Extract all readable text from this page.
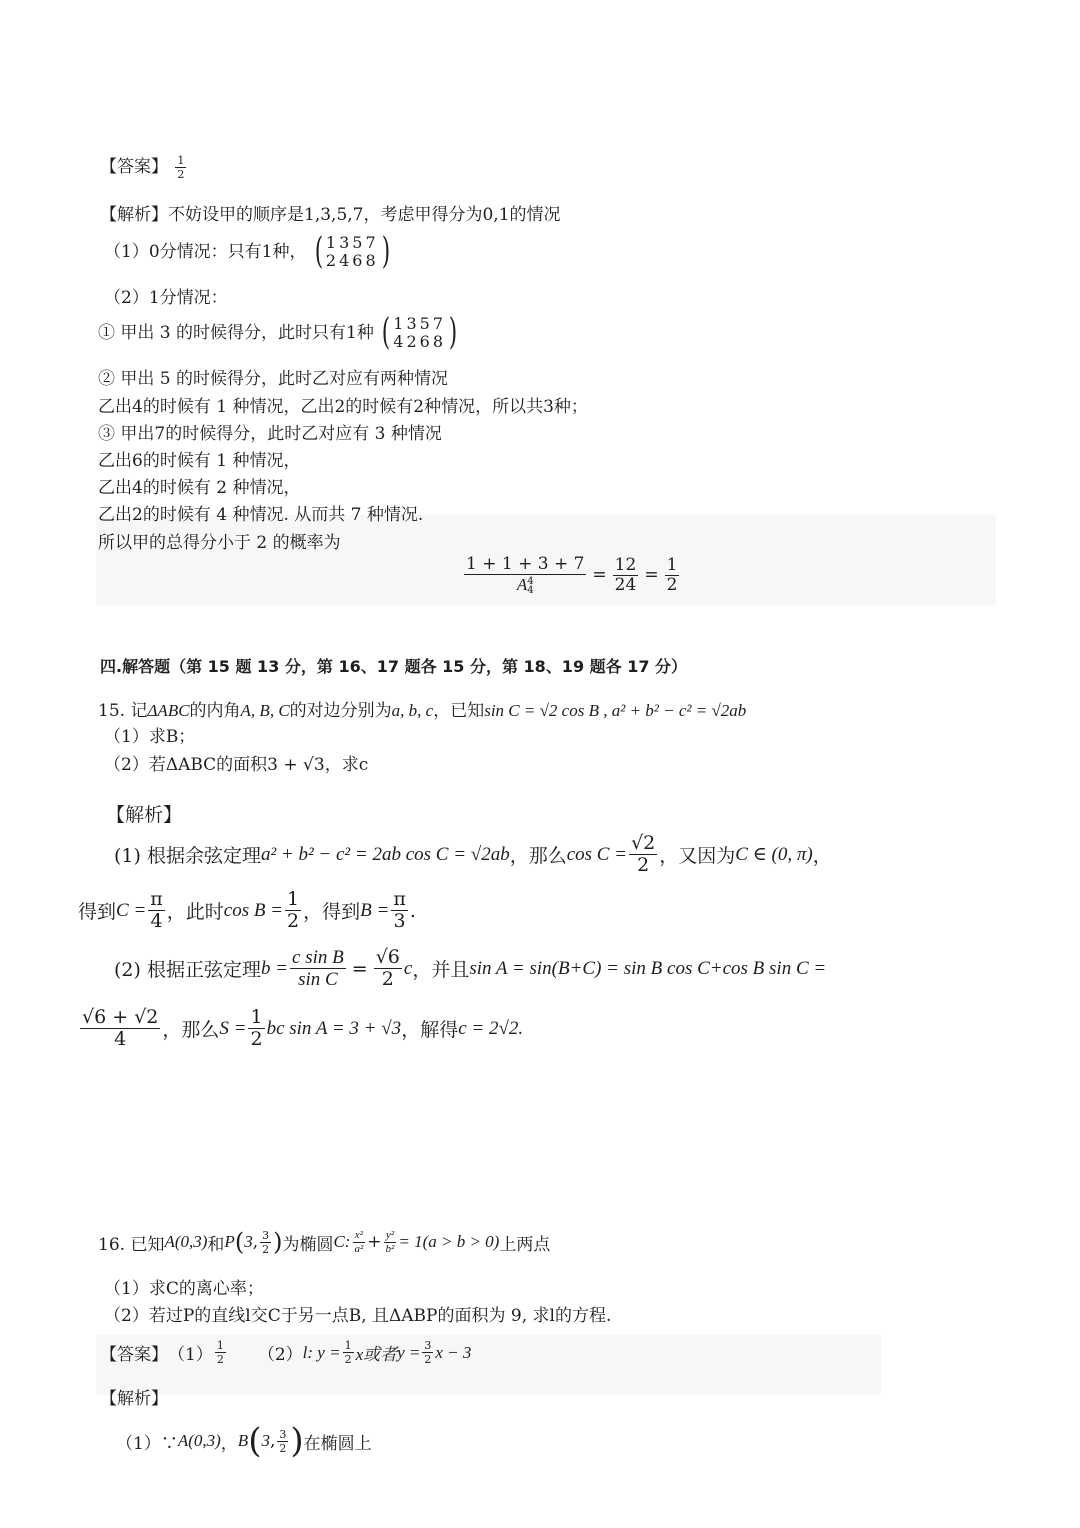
【答案】 $\frac{1}{2}$
【解析】不妨设甲的顺序是1,3,5,7，考虑甲得分为0,1的情况
（1）0分情况：只有1种， ( 1357
2468 )
（2）1分情况：
① 甲出 3 的时候得分，此时只有1种 ( 1357
4268 )
② 甲出 5 的时候得分，此时乙对应有两种情况
乙出4的时候有 1 种情况，乙出2的时候有2种情况，所以共3种；
③ 甲出7的时候得分，此时乙对应有 3 种情况
乙出6的时候有 1 种情况，
乙出4的时候有 2 种情况，
乙出2的时候有 4 种情况. 从而共 7 种情况.
所以甲的总得分小于 2 的概率为
1 + 1 + 3 + 7
A 4
$4 = \frac{12}{24} = \frac{1}{2}$
四.解答题（第 15 题 13 分，第 16、17 题各 15 分，第 18、19 题各 17 分）
15. 记ΔABC的内角A, B, C的对边分别为a, b, c，已知sin C = √2 cos B , a² + b² − c² = √2ab
（1）求B；
（2）若ΔABC的面积3 + √3，求c
【解析】
(1) 根据余弦定理 a² + b² − c² = 2ab cos C = √2ab ，那么 $\cos C = \frac{√2}{2}$ ，又因为 C ∈ (0, π) ，
得到 $C = \frac{\pi}{4}$ ，此时 $\cos B = \frac{1}{2}$ ，得到 $B = \frac{\pi}{3}$ .
(2) 根据正弦定理 $b = \frac{\text{c sin B}}{\text{sin C}} = \frac{√6}{2}$ c ，并且 sin A = sin(B+C) = sin B cos C+cos B sin C =
$\frac{√6 + √2}{4}$ ，那么 $S = \frac{1}{2}$ bc sin A = 3 + √3 ，解得 c = 2√2.
16. 已知 A(0,3) 和 P ( 3 , $\frac{3}{2}$ ) 为椭圆 C: $\frac{\text{x²}}{\text{a²}} + \frac{\text{y²}}{\text{b²}} = 1(a > b > 0)$ 上两点
（1）求C的离心率；
（2）若过P的直线l交C于另一点B, 且ΔABP的面积为 9, 求l的方程.
【答案】 $(1) \frac{1}{2} (2)$ l: $y = \frac{1}{2}$ x或者 $y = \frac{3}{2}$ x − 3
【解析】
（1）∵ A(0,3) ， B ( 3 , $\frac{3}{2}$ ) 在椭圆上
